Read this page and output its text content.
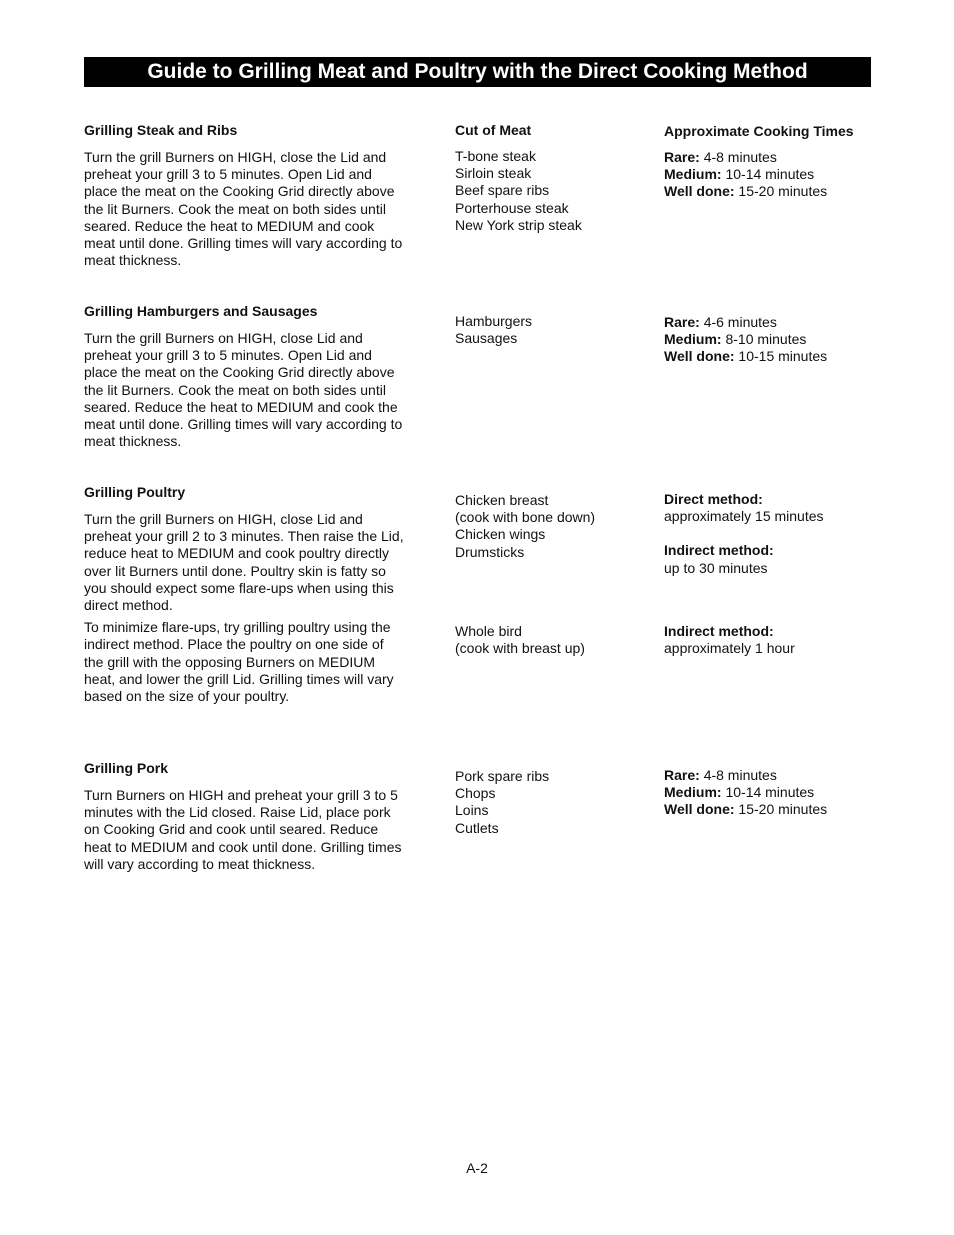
Guide to Grilling Meat and Poultry with the Direct Cooking Method

Cut of Meat	Approximate Cooking Times

Grilling Steak and Ribs

Turn the grill Burners on HIGH, close the Lid and preheat your grill 3 to 5 minutes. Open Lid and place the meat on the Cooking Grid directly above the lit Burners. Cook the meat on both sides until seared. Reduce the heat to MEDIUM and cook meat until done. Grilling times will vary according to meat thickness.

T-bone steak

Sirloin steak

Beef spare ribs

Porterhouse steak

New York strip steak

Rare: 4-8 minutes

Medium: 10-14 minutes

Well done: 15-20 minutes

Grilling Hamburgers and Sausages

Turn the grill Burners on HIGH, close Lid and preheat your grill 3 to 5 minutes. Open Lid and place the meat on the Cooking Grid directly above the lit Burners. Cook the meat on both sides until seared. Reduce the heat to MEDIUM and cook the meat until done. Grilling times will vary according to meat thickness.

Hamburgers

Sausages

Rare: 4-6 minutes

Medium: 8-10 minutes

Well done: 10-15 minutes

Grilling Poultry

Turn the grill Burners on HIGH, close Lid and preheat your grill 2 to 3 minutes. Then raise the Lid, reduce heat to MEDIUM and cook poultry directly over lit Burners until done. Poultry skin is fatty so you should expect some flare-ups when using this direct method.

To minimize flare-ups, try grilling poultry using the indirect method. Place the poultry on one side of the grill with the opposing Burners on MEDIUM heat, and lower the grill Lid. Grilling times will vary based on the size of your poultry.

Chicken breast

(cook with bone down)

Chicken wings

Drumsticks

Direct method:

approximately 15 minutes

Indirect method:

up to 30 minutes

Whole bird

(cook with breast up)

Indirect method:

approximately 1 hour

Grilling Pork

Turn Burners on HIGH and preheat your grill 3 to 5 minutes with the Lid closed. Raise Lid, place pork on Cooking Grid and cook until seared. Reduce heat to MEDIUM and cook until done. Grilling times will vary according to meat thickness.

Pork spare ribs

Chops

Loins

Cutlets

Rare: 4-8 minutes

Medium: 10-14 minutes

Well done: 15-20 minutes

A-2
